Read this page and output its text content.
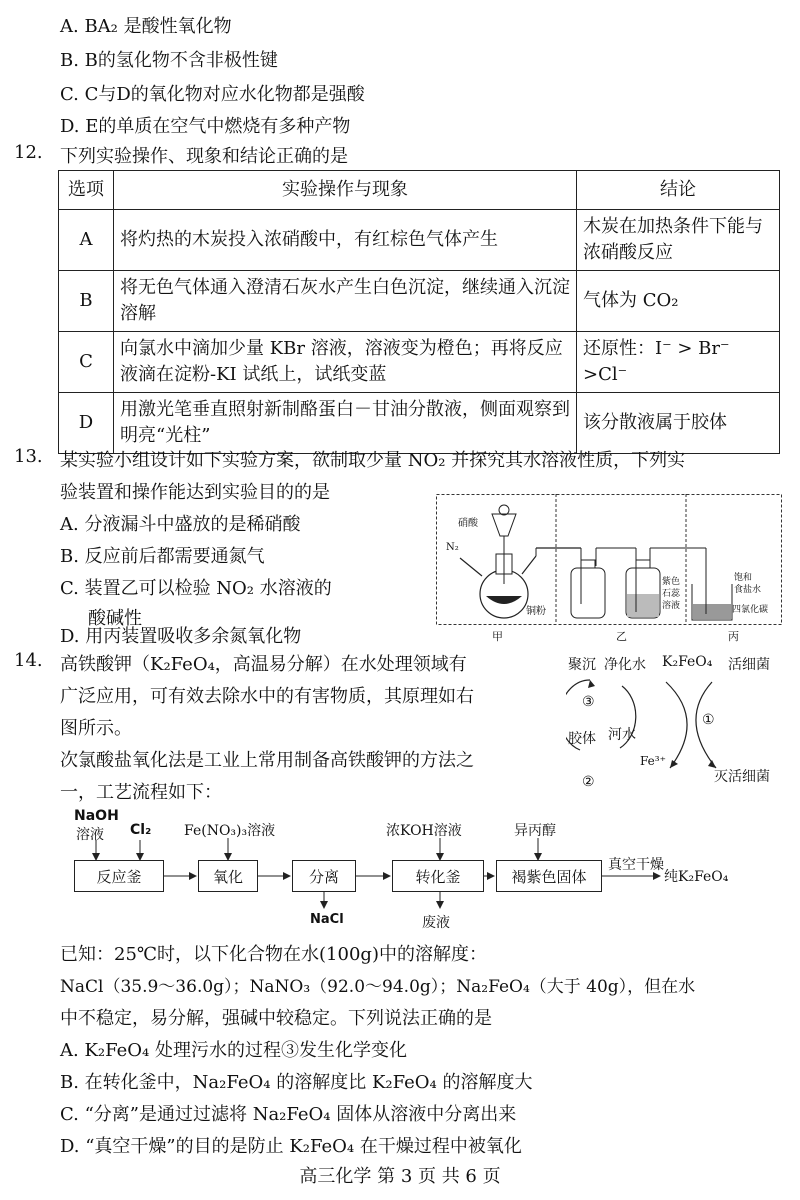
A. BA₂ 是酸性氧化物
B. B的氢化物不含非极性键
C. C与D的氧化物对应水化物都是强酸
D. E的单质在空气中燃烧有多种产物
12. 下列实验操作、现象和结论正确的是
选项	实验操作与现象	结论
A	将灼热的木炭投入浓硝酸中，有红棕色气体产生	木炭在加热条件下能与浓硝酸反应
B	将无色气体通入澄清石灰水产生白色沉淀，继续通入沉淀溶解	气体为 CO₂
C	向氯水中滴加少量 KBr 溶液，溶液变为橙色；再将反应液滴在淀粉-KI 试纸上，试纸变蓝	还原性：I⁻ > Br⁻ >Cl⁻
D	用激光笔垂直照射新制酪蛋白－甘油分散液，侧面观察到明亮“光柱”	该分散液属于胶体
13. 某实验小组设计如下实验方案，欲制取少量 NO₂ 并探究其水溶液性质，下列实
验装置和操作能达到实验目的的是
A. 分液漏斗中盛放的是稀硝酸
B. 反应前后都需要通氮气
C. 装置乙可以检验 NO₂ 水溶液的
酸碱性
D. 用丙装置吸收多余氮氧化物
硝酸
N₂
铜粉
紫色
石蕊
溶液
饱和
食盐水
四氯化碳
甲	乙	丙
14. 高铁酸钾（K₂FeO₄，高温易分解）在水处理领域有
广泛应用，可有效去除水中的有害物质，其原理如右
图所示。
次氯酸盐氧化法是工业上常用制备高铁酸钾的方法之
一，工艺流程如下：
聚沉 净化水 K₂FeO₄ 活细菌
③
①
胶体 河水
Fe³⁺
②	灭活细菌
NaOH
溶液 Cl₂ Fe(NO₃)₃溶液	浓KOH溶液	异丙醇
反应釜	氧化	分离	转化釜	褐紫色固体
真空干燥
纯K₂FeO₄
NaCl	废液
已知：25℃时，以下化合物在水(100g)中的溶解度：
NaCl（35.9～36.0g）；NaNO₃（92.0～94.0g）；Na₂FeO₄（大于 40g），但在水
中不稳定，易分解，强碱中较稳定。下列说法正确的是
A. K₂FeO₄ 处理污水的过程③发生化学变化
B. 在转化釜中，Na₂FeO₄ 的溶解度比 K₂FeO₄ 的溶解度大
C. “分离”是通过过滤将 Na₂FeO₄ 固体从溶液中分离出来
D. “真空干燥”的目的是防止 K₂FeO₄ 在干燥过程中被氧化
高三化学 第 3 页 共 6 页
